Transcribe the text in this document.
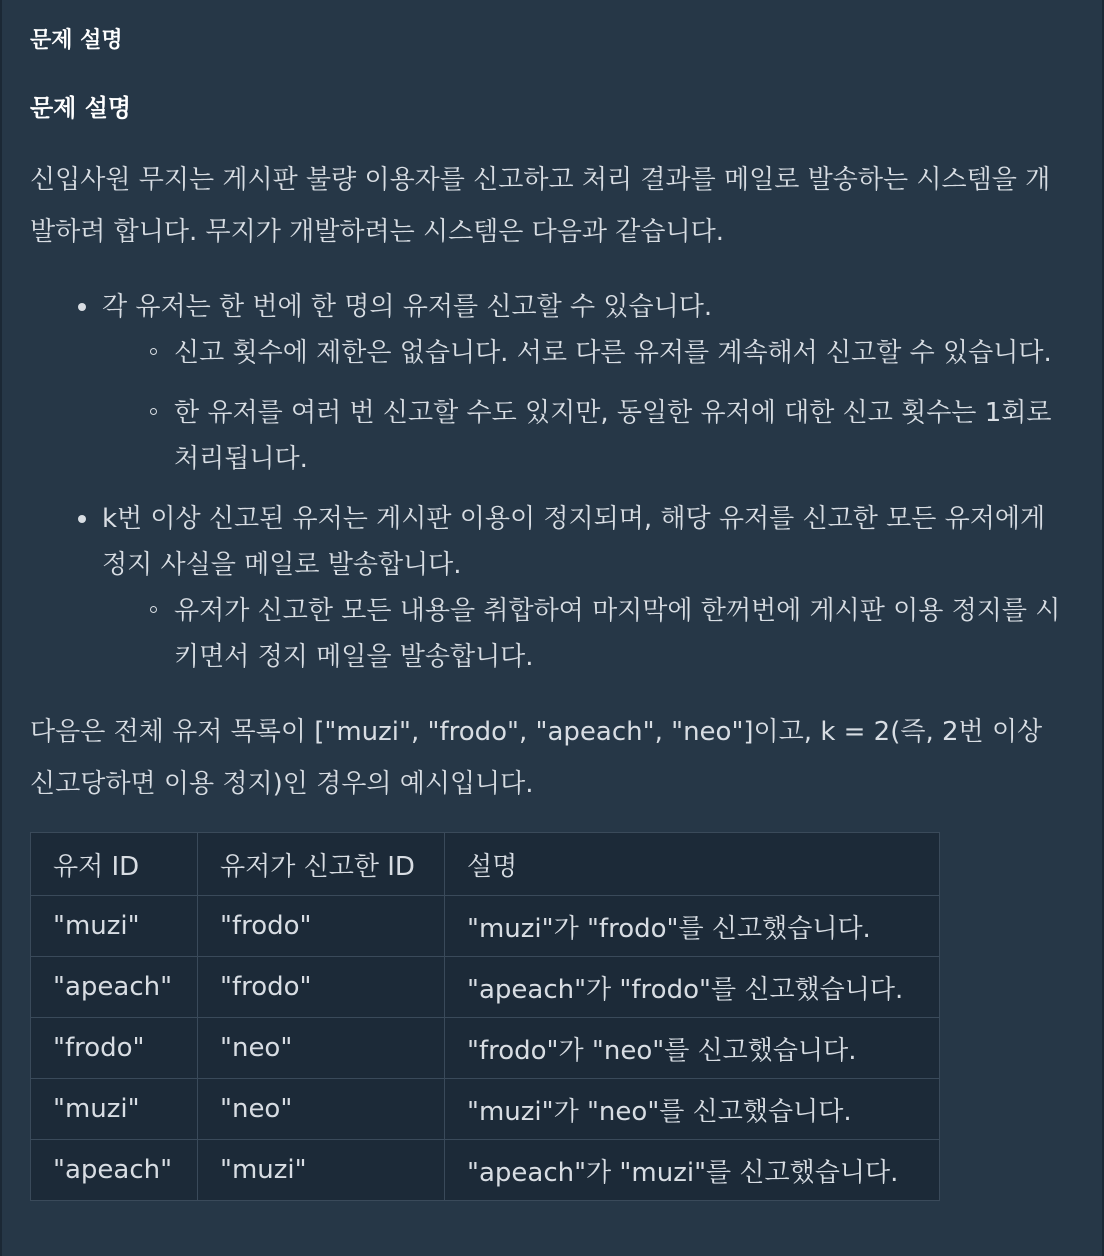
문제 설명
문제 설명

신입사원 무지는 게시판 불량 이용자를 신고하고 처리 결과를 메일로 발송하는 시스템을 개발하려 합니다. 무지가 개발하려는 시스템은 다음과 같습니다.

각 유저는 한 번에 한 명의 유저를 신고할 수 있습니다.
신고 횟수에 제한은 없습니다. 서로 다른 유저를 계속해서 신고할 수 있습니다.
한 유저를 여러 번 신고할 수도 있지만, 동일한 유저에 대한 신고 횟수는 1회로 처리됩니다.
k번 이상 신고된 유저는 게시판 이용이 정지되며, 해당 유저를 신고한 모든 유저에게 정지 사실을 메일로 발송합니다.
유저가 신고한 모든 내용을 취합하여 마지막에 한꺼번에 게시판 이용 정지를 시키면서 정지 메일을 발송합니다.

다음은 전체 유저 목록이 ["muzi", "frodo", "apeach", "neo"]이고, k = 2(즉, 2번 이상 신고당하면 이용 정지)인 경우의 예시입니다.

유저 ID	유저가 신고한 ID	설명
"muzi"	"frodo"	"muzi"가 "frodo"를 신고했습니다.
"apeach"	"frodo"	"apeach"가 "frodo"를 신고했습니다.
"frodo"	"neo"	"frodo"가 "neo"를 신고했습니다.
"muzi"	"neo"	"muzi"가 "neo"를 신고했습니다.
"apeach"	"muzi"	"apeach"가 "muzi"를 신고했습니다.
